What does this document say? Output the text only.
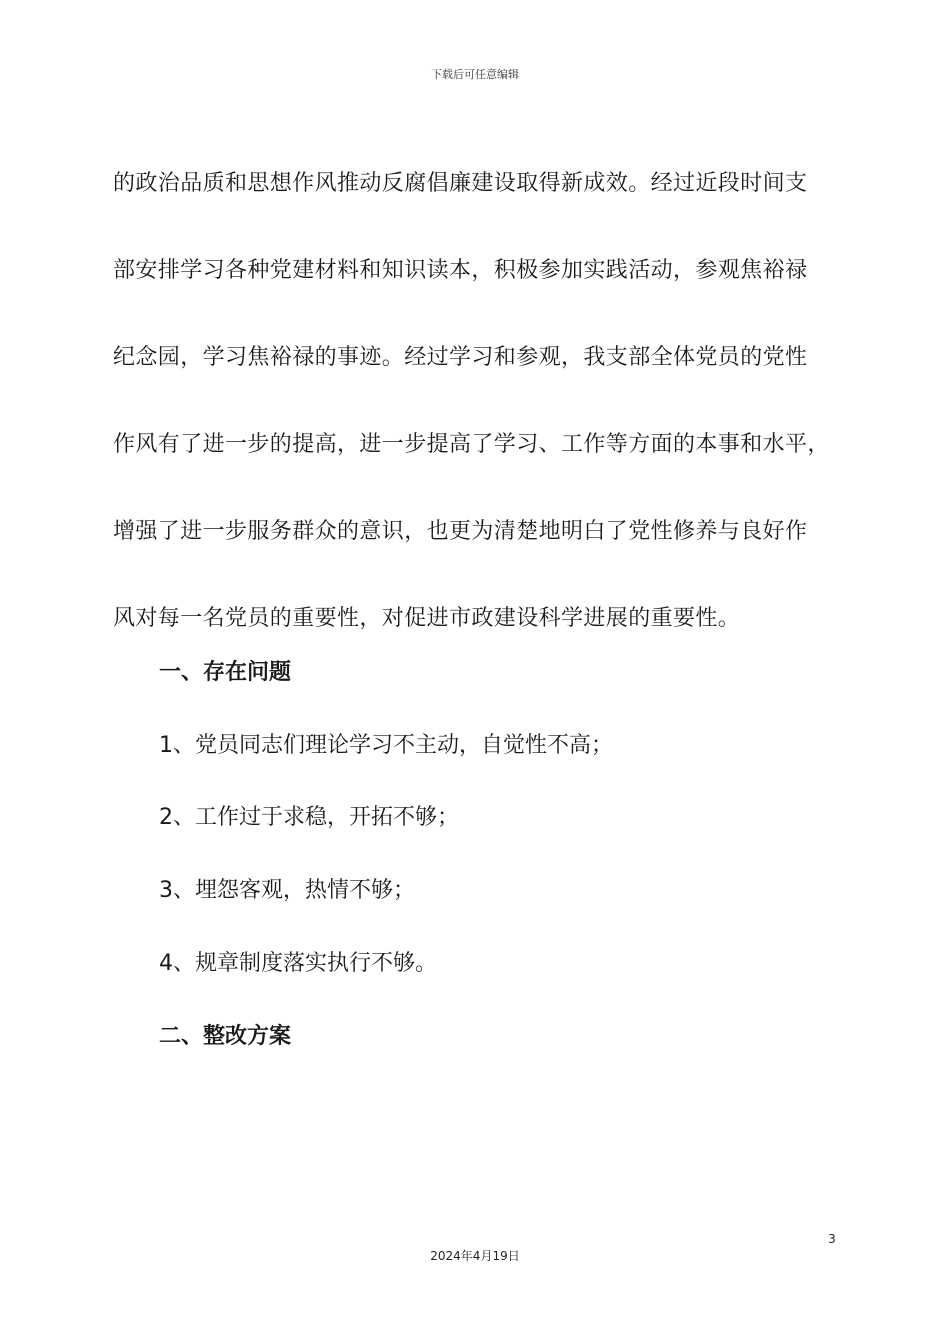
下载后可任意编辑

的政治品质和思想作风推动反腐倡廉建设取得新成效。经过近段时间支
部安排学习各种党建材料和知识读本，积极参加实践活动，参观焦裕禄
纪念园，学习焦裕禄的事迹。经过学习和参观，我支部全体党员的党性
作风有了进一步的提高，进一步提高了学习、工作等方面的本事和水平，
增强了进一步服务群众的意识，也更为清楚地明白了党性修养与良好作
风对每一名党员的重要性，对促进市政建设科学进展的重要性。

一、存在问题
1、党员同志们理论学习不主动，自觉性不高；
2、工作过于求稳，开拓不够；
3、埋怨客观，热情不够；
4、规章制度落实执行不够。
二、整改方案
3
2024年4月19日
